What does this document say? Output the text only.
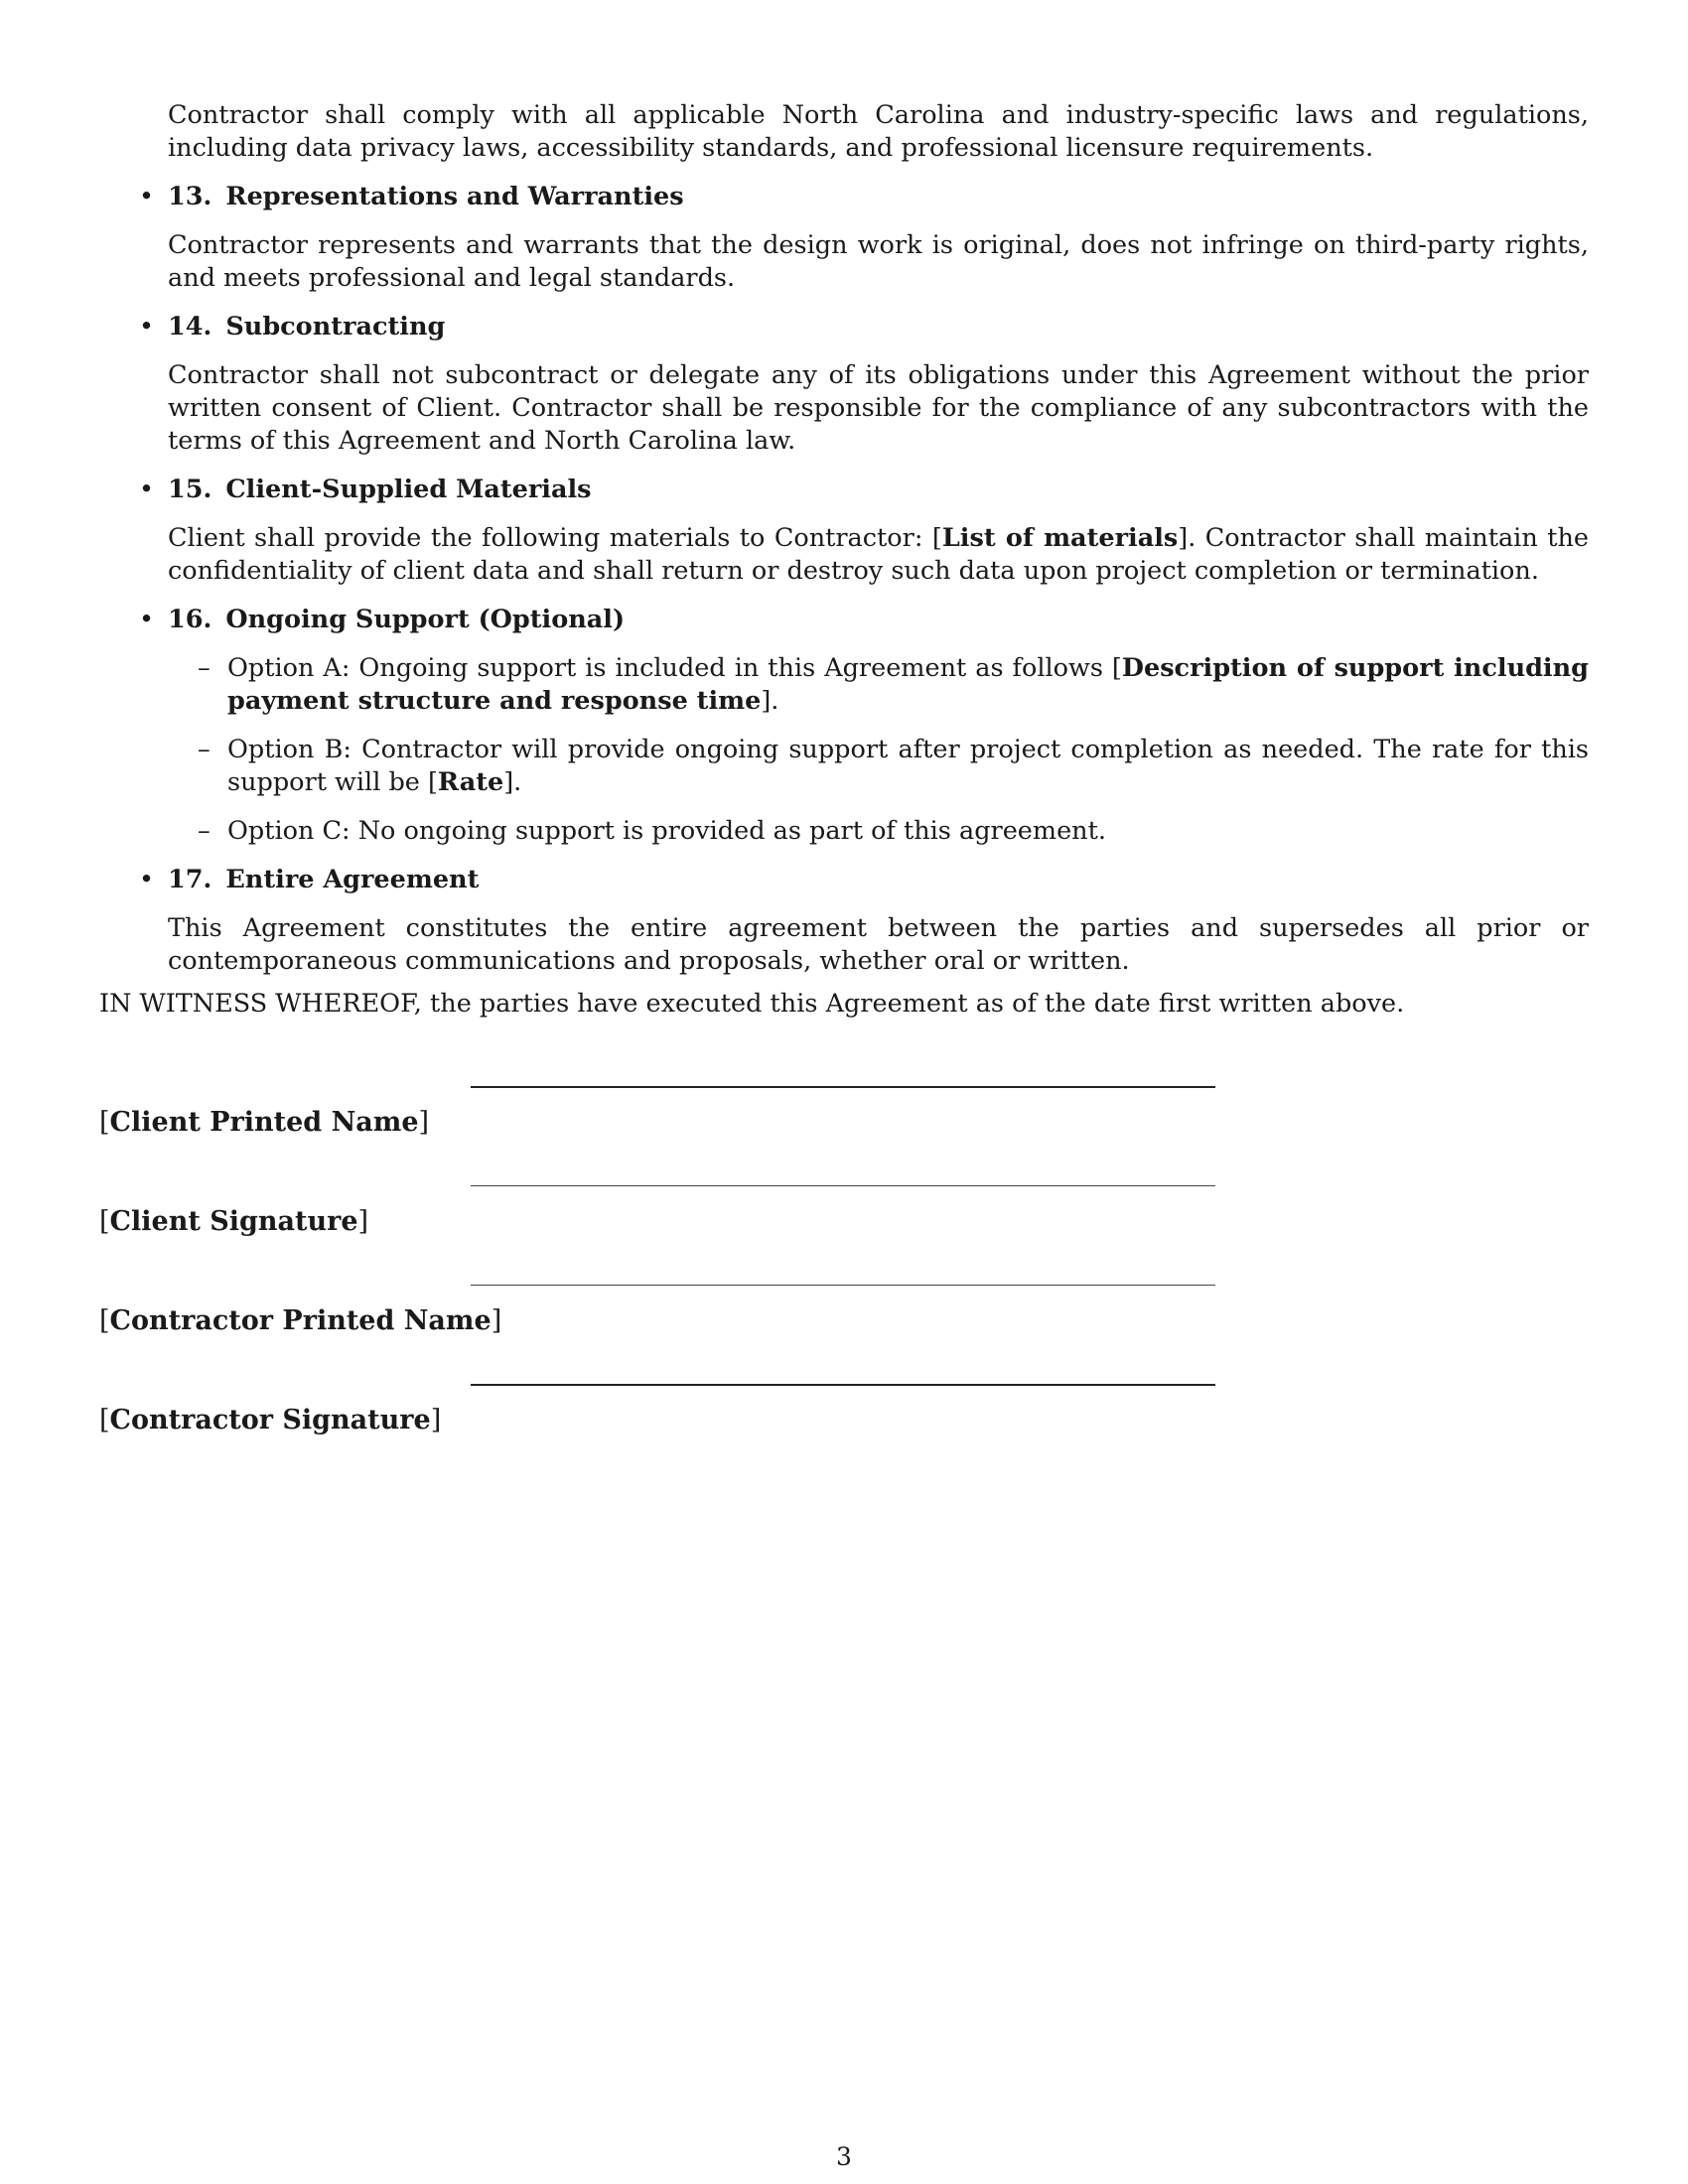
Contractor shall comply with all applicable North Carolina and industry-specific laws and regulations, including data privacy laws, accessibility standards, and professional licensure requirements.

• 13. Representations and Warranties

Contractor represents and warrants that the design work is original, does not infringe on third-party rights, and meets professional and legal standards.

• 14. Subcontracting

Contractor shall not subcontract or delegate any of its obligations under this Agreement without the prior written consent of Client. Contractor shall be responsible for the compliance of any subcontractors with the terms of this Agreement and North Carolina law.

• 15. Client-Supplied Materials

Client shall provide the following materials to Contractor: [List of materials]. Contractor shall maintain the confidentiality of client data and shall return or destroy such data upon project completion or termination.

• 16. Ongoing Support (Optional)
– Option A: Ongoing support is included in this Agreement as follows [Description of support including payment structure and response time].
– Option B: Contractor will provide ongoing support after project completion as needed. The rate for this support will be [Rate].
– Option C: No ongoing support is provided as part of this agreement.
• 17. Entire Agreement

This Agreement constitutes the entire agreement between the parties and supersedes all prior or contemporaneous communications and proposals, whether oral or written.

IN WITNESS WHEREOF, the parties have executed this Agreement as of the date first written above.
[Client Printed Name]
[Client Signature]
[Contractor Printed Name]
[Contractor Signature]
3
